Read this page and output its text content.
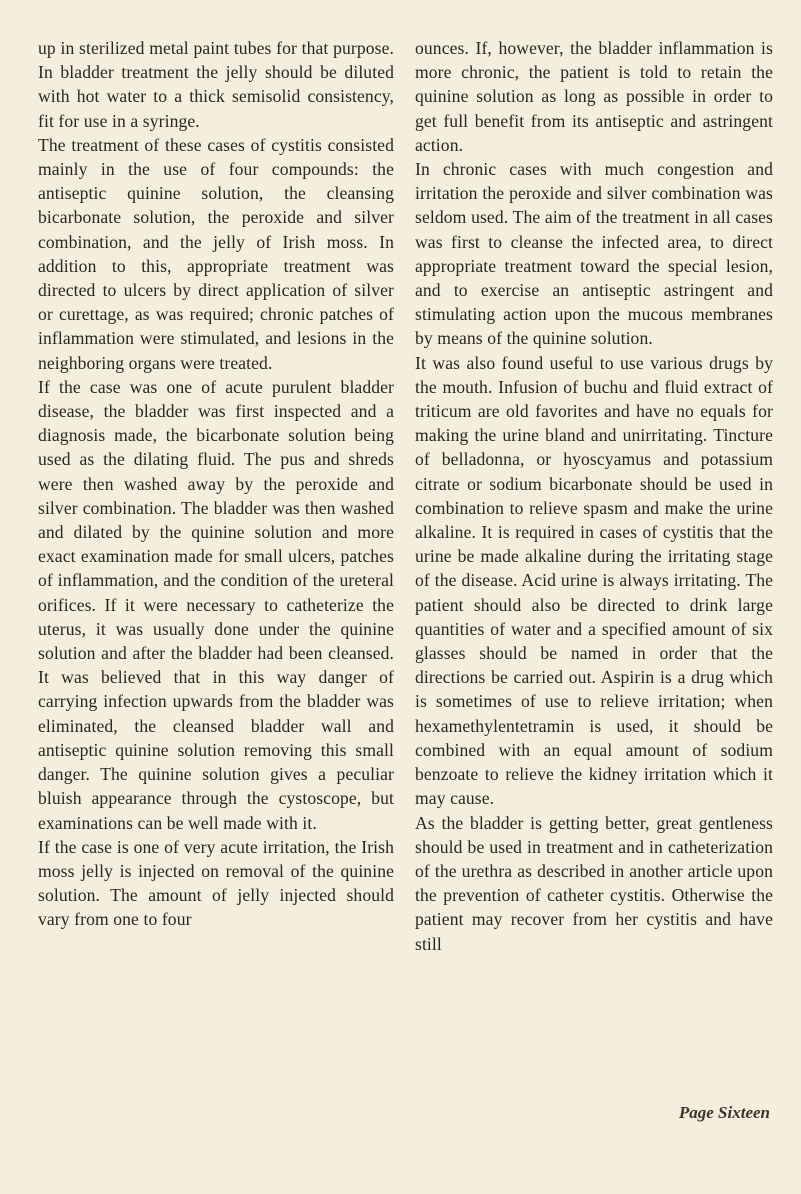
up in sterilized metal paint tubes for that purpose. In bladder treatment the jelly should be diluted with hot water to a thick semisolid consistency, fit for use in a syringe.

The treatment of these cases of cystitis consisted mainly in the use of four compounds: the antiseptic quinine solution, the cleansing bicarbonate solution, the peroxide and silver combination, and the jelly of Irish moss. In addition to this, appropriate treatment was directed to ulcers by direct application of silver or curettage, as was required; chronic patches of inflammation were stimulated, and lesions in the neighboring organs were treated.

If the case was one of acute purulent bladder disease, the bladder was first inspected and a diagnosis made, the bicarbonate solution being used as the dilating fluid. The pus and shreds were then washed away by the peroxide and silver combination. The bladder was then washed and dilated by the quinine solution and more exact examination made for small ulcers, patches of inflammation, and the condition of the ureteral orifices. If it were necessary to catheterize the uterus, it was usually done under the quinine solution and after the bladder had been cleansed. It was believed that in this way danger of carrying infection upwards from the bladder was eliminated, the cleansed bladder wall and antiseptic quinine solution removing this small danger. The quinine solution gives a peculiar bluish appearance through the cystoscope, but examinations can be well made with it.

If the case is one of very acute irritation, the Irish moss jelly is injected on removal of the quinine solution. The amount of jelly injected should vary from one to four

ounces. If, however, the bladder inflammation is more chronic, the patient is told to retain the quinine solution as long as possible in order to get full benefit from its antiseptic and astringent action.

In chronic cases with much congestion and irritation the peroxide and silver combination was seldom used. The aim of the treatment in all cases was first to cleanse the infected area, to direct appropriate treatment toward the special lesion, and to exercise an antiseptic astringent and stimulating action upon the mucous membranes by means of the quinine solution.

It was also found useful to use various drugs by the mouth. Infusion of buchu and fluid extract of triticum are old favorites and have no equals for making the urine bland and unirritating. Tincture of belladonna, or hyoscyamus and potassium citrate or sodium bicarbonate should be used in combination to relieve spasm and make the urine alkaline. It is required in cases of cystitis that the urine be made alkaline during the irritating stage of the disease. Acid urine is always irritating. The patient should also be directed to drink large quantities of water and a specified amount of six glasses should be named in order that the directions be carried out. Aspirin is a drug which is sometimes of use to relieve irritation; when hexamethylentetramin is used, it should be combined with an equal amount of sodium benzoate to relieve the kidney irritation which it may cause.

As the bladder is getting better, great gentleness should be used in treatment and in catheterization of the urethra as described in another article upon the prevention of catheter cystitis. Otherwise the patient may recover from her cystitis and have still

Page Sixteen
